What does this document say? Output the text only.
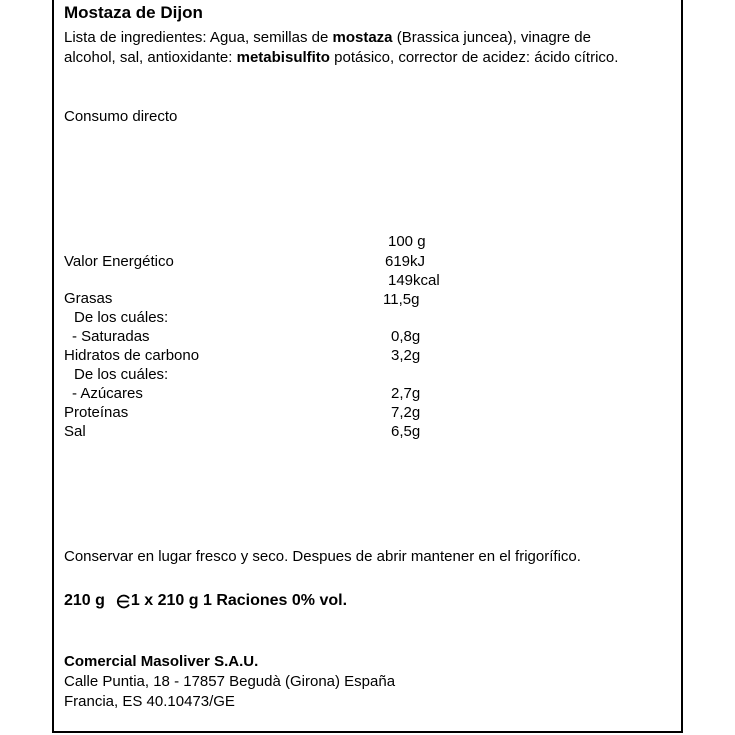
Mostaza de Dijon
Lista de ingredientes: Agua, semillas de mostaza (Brassica juncea), vinagre de alcohol, sal, antioxidante: metabisulfito potásico, corrector de acidez: ácido cítrico.
Consumo directo
100 g
Valor Energético	619kJ
149kcal
Grasas	11,5g
De los cuáles:
- Saturadas	0,8g
Hidratos de carbono	3,2g
De los cuáles:
- Azúcares	2,7g
Proteínas	7,2g
Sal	6,5g
Conservar en lugar fresco y seco. Despues de abrir mantener en el frigorífico.
210 g 1 x 210 g 1 Raciones 0% vol.
Comercial Masoliver S.A.U.
Calle Puntia, 18 - 17857 Begudà (Girona) España
Francia, ES 40.10473/GE
